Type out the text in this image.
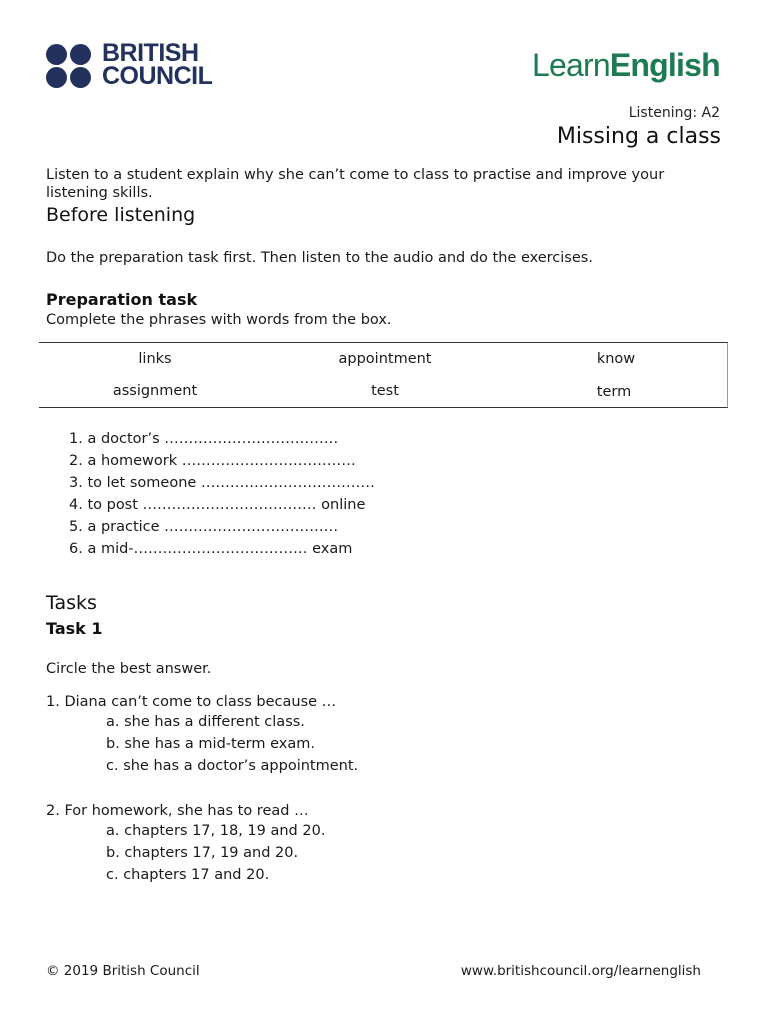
BRITISH
COUNCIL	LearnEnglish
Listening: A2
Missing a class
Listen to a student explain why she can’t come to class to practise and improve your listening skills.
Before listening
Do the preparation task first. Then listen to the audio and do the exercises.
Preparation task
Complete the phrases with words from the box.
links	appointment	know
assignment	test	term
1. a doctor’s ………………………………
2. a homework ………………………………
3. to let someone ………………………………
4. to post ……………………………… online
5. a practice ………………………………
6. a mid-……………………………… exam
Tasks
Task 1
Circle the best answer.
1. Diana can’t come to class because …
a. she has a different class.
b. she has a mid-term exam.
c. she has a doctor’s appointment.
2. For homework, she has to read …
a. chapters 17, 18, 19 and 20.
b. chapters 17, 19 and 20.
c. chapters 17 and 20.
© 2019 British Council	www.britishcouncil.org/learnenglish
